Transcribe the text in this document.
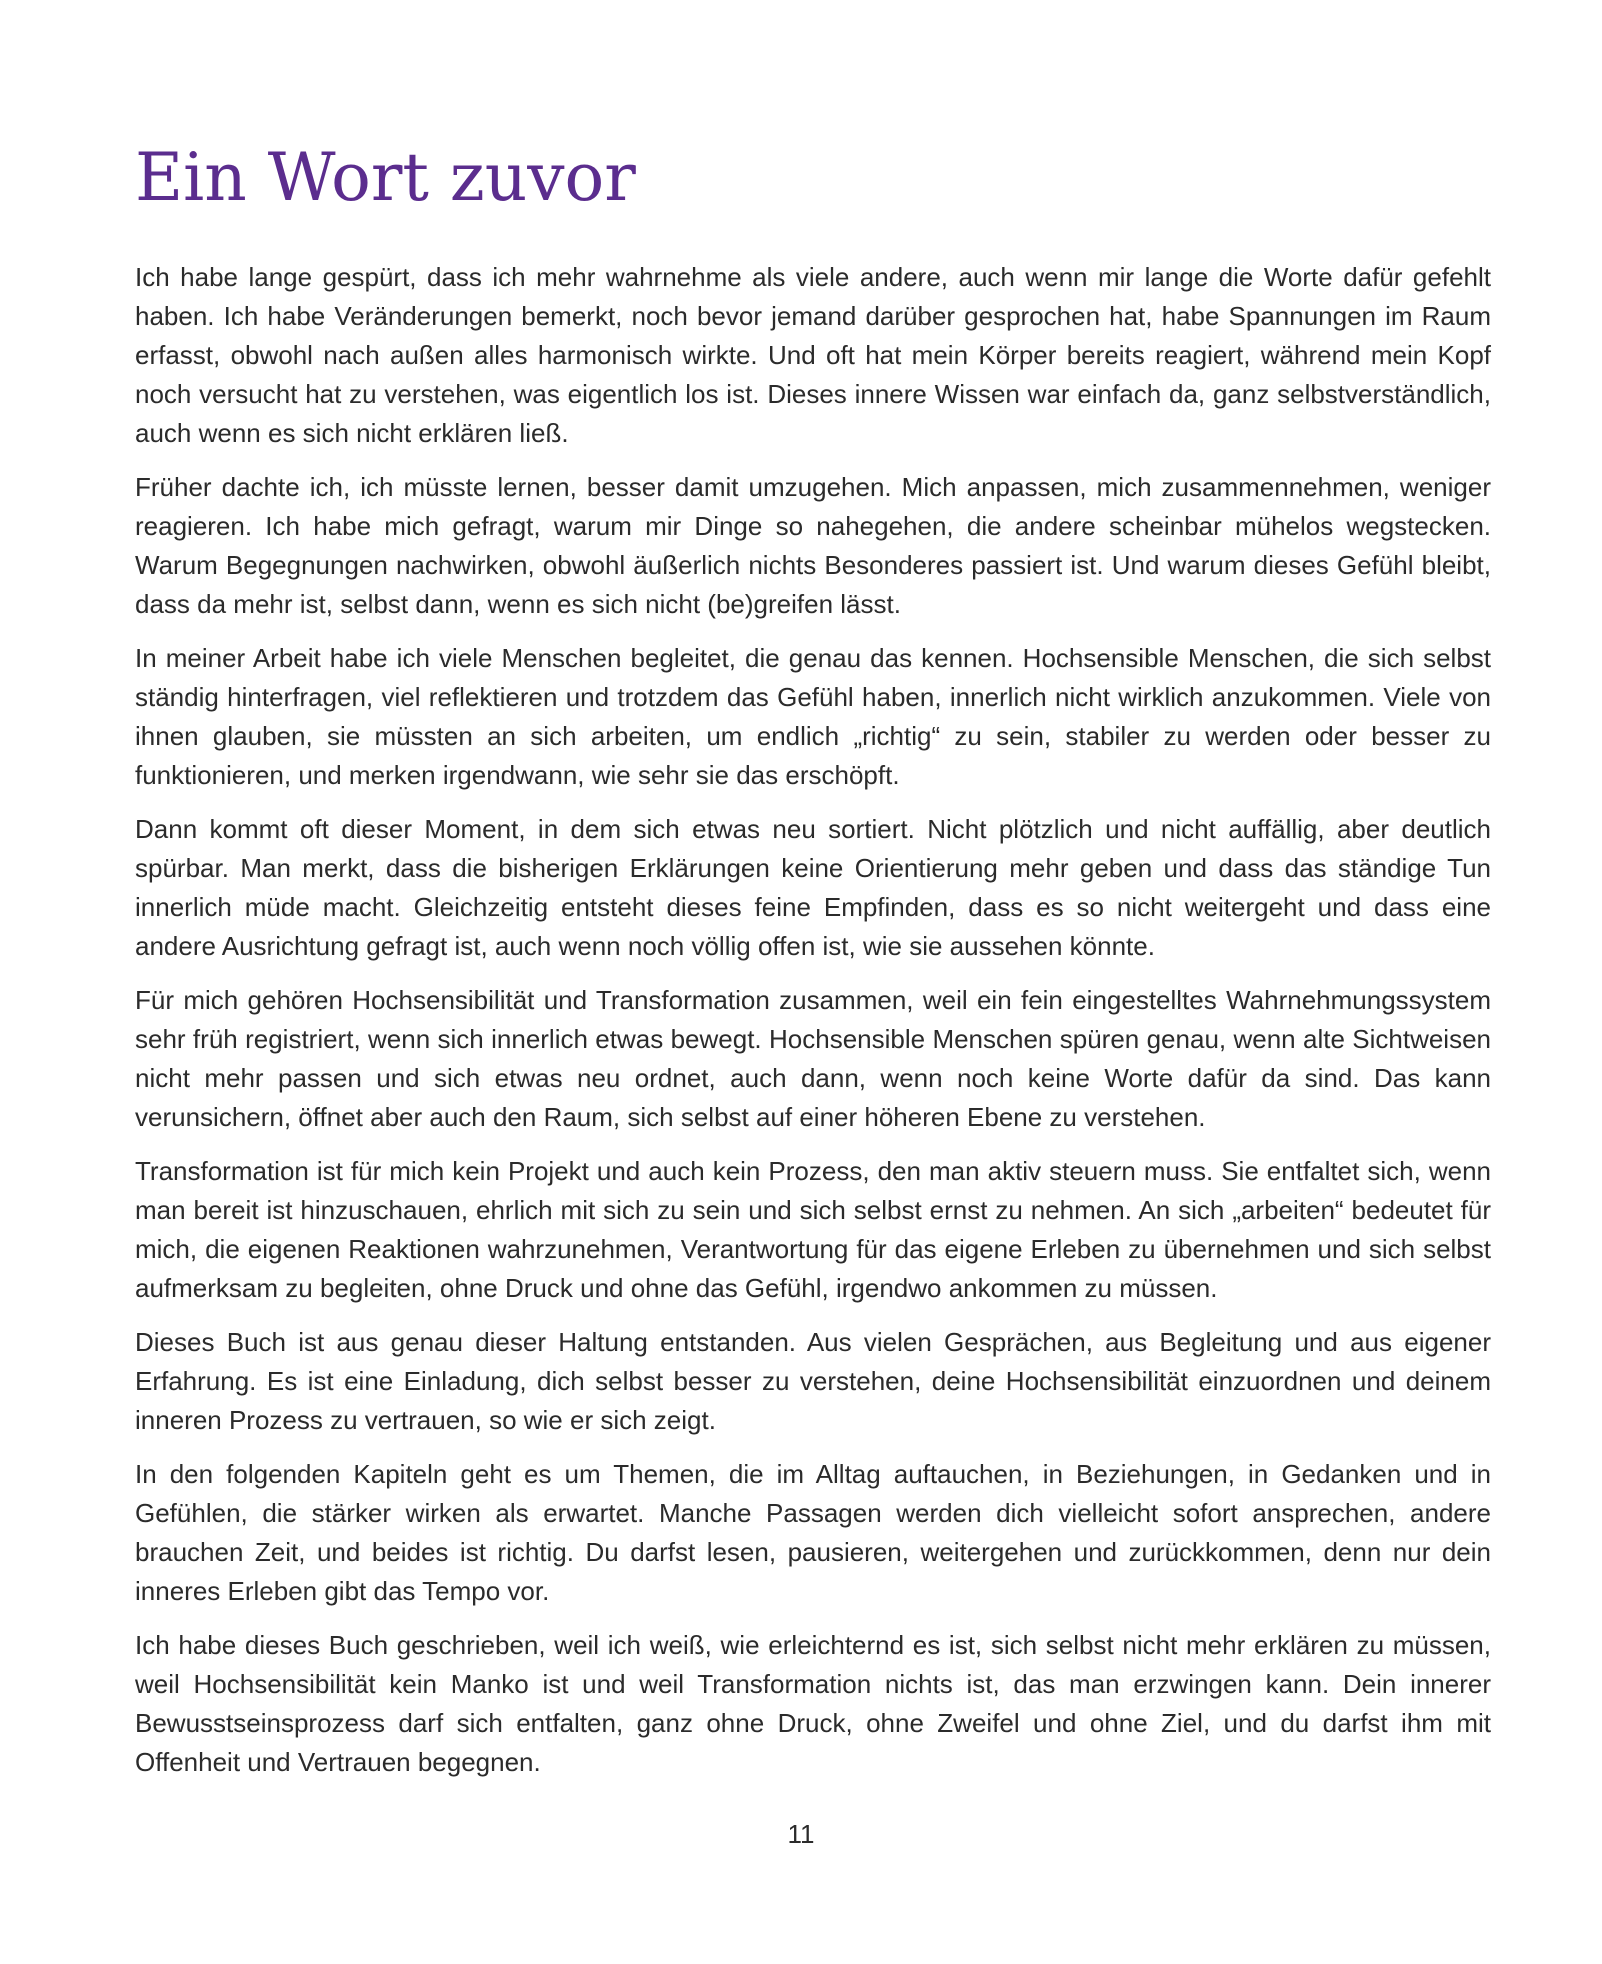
Ein Wort zuvor

Ich habe lange gespürt, dass ich mehr wahrnehme als viele andere, auch wenn mir lange die Worte dafür gefehlt haben. Ich habe Veränderungen bemerkt, noch bevor jemand darüber gesprochen hat, habe Spannungen im Raum erfasst, obwohl nach außen alles harmonisch wirkte. Und oft hat mein Körper bereits reagiert, während mein Kopf noch versucht hat zu verstehen, was eigentlich los ist. Dieses innere Wissen war einfach da, ganz selbstverständlich, auch wenn es sich nicht erklären ließ.

Früher dachte ich, ich müsste lernen, besser damit umzugehen. Mich anpassen, mich zusammennehmen, weniger reagieren. Ich habe mich gefragt, warum mir Dinge so nahegehen, die andere scheinbar mühelos wegstecken. Warum Begegnungen nachwirken, obwohl äußerlich nichts Besonderes passiert ist. Und warum dieses Gefühl bleibt, dass da mehr ist, selbst dann, wenn es sich nicht (be)greifen lässt.

In meiner Arbeit habe ich viele Menschen begleitet, die genau das kennen. Hochsensible Menschen, die sich selbst ständig hinterfragen, viel reflektieren und trotzdem das Gefühl haben, innerlich nicht wirklich anzukommen. Viele von ihnen glauben, sie müssten an sich arbeiten, um endlich „richtig“ zu sein, stabiler zu werden oder besser zu funktionieren, und merken irgendwann, wie sehr sie das erschöpft.

Dann kommt oft dieser Moment, in dem sich etwas neu sortiert. Nicht plötzlich und nicht auffällig, aber deutlich spürbar. Man merkt, dass die bisherigen Erklärungen keine Orientierung mehr geben und dass das ständige Tun innerlich müde macht. Gleichzeitig entsteht dieses feine Empfinden, dass es so nicht weitergeht und dass eine andere Ausrichtung gefragt ist, auch wenn noch völlig offen ist, wie sie aussehen könnte.

Für mich gehören Hochsensibilität und Transformation zusammen, weil ein fein eingestelltes Wahrnehmungssystem sehr früh registriert, wenn sich innerlich etwas bewegt. Hochsensible Menschen spüren genau, wenn alte Sichtweisen nicht mehr passen und sich etwas neu ordnet, auch dann, wenn noch keine Worte dafür da sind. Das kann verunsichern, öffnet aber auch den Raum, sich selbst auf einer höheren Ebene zu verstehen.

Transformation ist für mich kein Projekt und auch kein Prozess, den man aktiv steuern muss. Sie entfaltet sich, wenn man bereit ist hinzuschauen, ehrlich mit sich zu sein und sich selbst ernst zu nehmen. An sich „arbeiten“ bedeutet für mich, die eigenen Reaktionen wahrzunehmen, Verantwortung für das eigene Erleben zu übernehmen und sich selbst aufmerksam zu begleiten, ohne Druck und ohne das Gefühl, irgendwo ankommen zu müssen.

Dieses Buch ist aus genau dieser Haltung entstanden. Aus vielen Gesprächen, aus Begleitung und aus eigener Erfahrung. Es ist eine Einladung, dich selbst besser zu verstehen, deine Hochsensibilität einzuordnen und deinem inneren Prozess zu vertrauen, so wie er sich zeigt.

In den folgenden Kapiteln geht es um Themen, die im Alltag auftauchen, in Beziehungen, in Gedanken und in Gefühlen, die stärker wirken als erwartet. Manche Passagen werden dich vielleicht sofort ansprechen, andere brauchen Zeit, und beides ist richtig. Du darfst lesen, pausieren, weitergehen und zurückkommen, denn nur dein inneres Erleben gibt das Tempo vor.

Ich habe dieses Buch geschrieben, weil ich weiß, wie erleichternd es ist, sich selbst nicht mehr erklären zu müssen, weil Hochsensibilität kein Manko ist und weil Transformation nichts ist, das man erzwingen kann. Dein innerer Bewusstseinsprozess darf sich entfalten, ganz ohne Druck, ohne Zweifel und ohne Ziel, und du darfst ihm mit Offenheit und Vertrauen begegnen.

11
